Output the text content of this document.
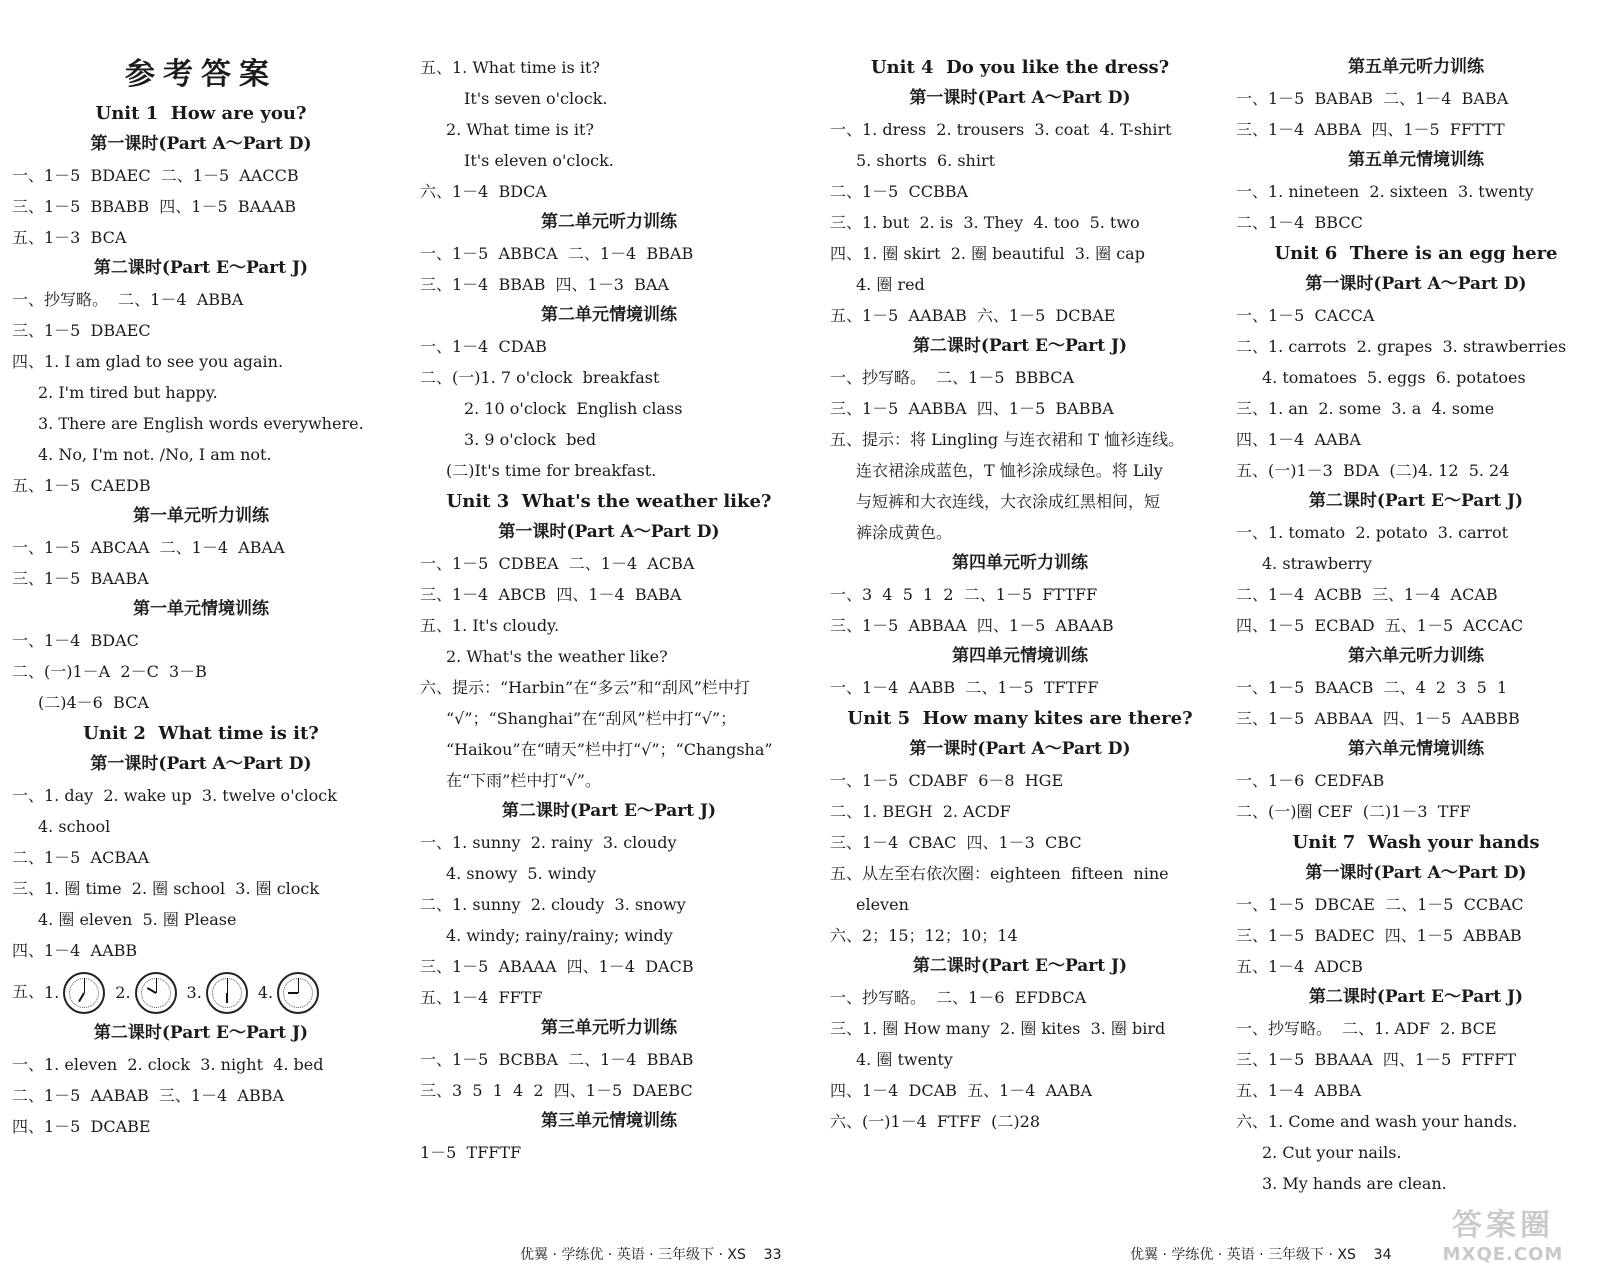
参考答案
Unit 1  How are you?
第一课时(Part A～Part D)
一、1－5  BDAEC  二、1－5  AACCB
三、1－5  BBABB  四、1－5  BAAAB
五、1－3  BCA
第二课时(Part E～Part J)
一、抄写略。  二、1－4  ABBA
三、1－5  DBAEC
四、1. I am glad to see you again.
2. I'm tired but happy.
3. There are English words everywhere.
4. No, I'm not. /No, I am not.
五、1－5  CAEDB
第一单元听力训练
一、1－5  ABCAA  二、1－4  ABAA
三、1－5  BAABA
第一单元情境训练
一、1－4  BDAC
二、(一)1－A  2－C  3－B
(二)4－6  BCA
Unit 2  What time is it?
第一课时(Part A～Part D)
一、1. day  2. wake up  3. twelve o'clock
4. school
二、1－5  ACBAA
三、1. 圈 time  2. 圈 school  3. 圈 clock
4. 圈 eleven  5. 圈 Please
四、1－4  AABB
五、 1.	2.	3.	4.
第二课时(Part E～Part J)
一、1. eleven  2. clock  3. night  4. bed
二、1－5  AABAB  三、1－4  ABBA
四、1－5  DCABE
五、1. What time is it?
It's seven o'clock.
2. What time is it?
It's eleven o'clock.
六、1－4  BDCA
第二单元听力训练
一、1－5  ABBCA  二、1－4  BBAB
三、1－4  BBAB  四、1－3  BAA
第二单元情境训练
一、1－4  CDAB
二、(一)1. 7 o'clock  breakfast
2. 10 o'clock  English class
3. 9 o'clock  bed
(二)It's time for breakfast.
Unit 3  What's the weather like?
第一课时(Part A～Part D)
一、1－5  CDBEA  二、1－4  ACBA
三、1－4  ABCB  四、1－4  BABA
五、1. It's cloudy.
2. What's the weather like?
六、提示：“Harbin”在“多云”和“刮风”栏中打
“√”；“Shanghai”在“刮风”栏中打“√”；
“Haikou”在“晴天”栏中打“√”；“Changsha”
在“下雨”栏中打“√”。
第二课时(Part E～Part J)
一、1. sunny  2. rainy  3. cloudy
4. snowy  5. windy
二、1. sunny  2. cloudy  3. snowy
4. windy; rainy/rainy; windy
三、1－5  ABAAA  四、1－4  DACB
五、1－4  FFTF
第三单元听力训练
一、1－5  BCBBA  二、1－4  BBAB
三、3  5  1  4  2  四、1－5  DAEBC
第三单元情境训练
1－5  TFFTF
优翼 · 学练优 · 英语 · 三年级下 · XS    33
Unit 4  Do you like the dress?
第一课时(Part A～Part D)
一、1. dress  2. trousers  3. coat  4. T-shirt
5. shorts  6. shirt
二、1－5  CCBBA
三、1. but  2. is  3. They  4. too  5. two
四、1. 圈 skirt  2. 圈 beautiful  3. 圈 cap
4. 圈 red
五、1－5  AABAB  六、1－5  DCBAE
第二课时(Part E～Part J)
一、抄写略。  二、1－5  BBBCA
三、1－5  AABBA  四、1－5  BABBA
五、提示：将 Lingling 与连衣裙和 T 恤衫连线。
连衣裙涂成蓝色，T 恤衫涂成绿色。将 Lily
与短裤和大衣连线，大衣涂成红黑相间，短
裤涂成黄色。
第四单元听力训练
一、3  4  5  1  2  二、1－5  FTTFF
三、1－5  ABBAA  四、1－5  ABAAB
第四单元情境训练
一、1－4  AABB  二、1－5  TFTFF
Unit 5  How many kites are there?
第一课时(Part A～Part D)
一、1－5  CDABF  6－8  HGE
二、1. BEGH  2. ACDF
三、1－4  CBAC  四、1－3  CBC
五、从左至右依次圈：eighteen  fifteen  nine
eleven
六、2；15；12；10；14
第二课时(Part E～Part J)
一、抄写略。  二、1－6  EFDBCA
三、1. 圈 How many  2. 圈 kites  3. 圈 bird
4. 圈 twenty
四、1－4  DCAB  五、1－4  AABA
六、(一)1－4  FTFF  (二)28
第五单元听力训练
一、1－5  BABAB  二、1－4  BABA
三、1－4  ABBA  四、1－5  FFTTT
第五单元情境训练
一、1. nineteen  2. sixteen  3. twenty
二、1－4  BBCC
Unit 6  There is an egg here
第一课时(Part A～Part D)
一、1－5  CACCA
二、1. carrots  2. grapes  3. strawberries
4. tomatoes  5. eggs  6. potatoes
三、1. an  2. some  3. a  4. some
四、1－4  AABA
五、(一)1－3  BDA  (二)4. 12  5. 24
第二课时(Part E～Part J)
一、1. tomato  2. potato  3. carrot
4. strawberry
二、1－4  ACBB  三、1－4  ACAB
四、1－5  ECBAD  五、1－5  ACCAC
第六单元听力训练
一、1－5  BAACB  二、4  2  3  5  1
三、1－5  ABBAA  四、1－5  AABBB
第六单元情境训练
一、1－6  CEDFAB
二、(一)圈 CEF  (二)1－3  TFF
Unit 7  Wash your hands
第一课时(Part A～Part D)
一、1－5  DBCAE  二、1－5  CCBAC
三、1－5  BADEC  四、1－5  ABBAB
五、1－4  ADCB
第二课时(Part E～Part J)
一、抄写略。  二、1. ADF  2. BCE
三、1－5  BBAAA  四、1－5  FTFFT
五、1－4  ABBA
六、1. Come and wash your hands.
2. Cut your nails.
3. My hands are clean.
优翼 · 学练优 · 英语 · 三年级下 · XS    34
答案圈
MXQE.COM
